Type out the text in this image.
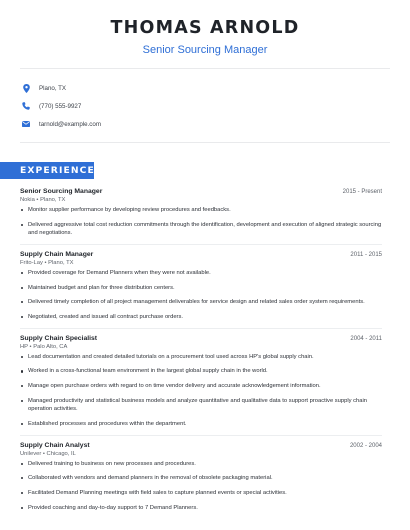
THOMAS ARNOLD
Senior Sourcing Manager
Plano, TX
(770) 555-9927
tarnold@example.com
EXPERIENCE
Senior Sourcing Manager	2015 - Present
Nokia • Plano, TX
Monitor supplier performance by developing review procedures and feedbacks.
Delivered aggressive total cost reduction commitments through the identification, development and execution of aligned strategic sourcing and negotiations.
Supply Chain Manager	2011 - 2015
Frito-Lay • Plano, TX
Provided coverage for Demand Planners when they were not available.
Maintained budget and plan for three distribution centers.
Delivered timely completion of all project management deliverables for service design and related sales order system requirements.
Negotiated, created and issued all contract purchase orders.
Supply Chain Specialist	2004 - 2011
HP • Palo Alto, CA
Lead documentation and created detailed tutorials on a procurement tool used across HP's global supply chain.
Worked in a cross-functional team environment in the largest global supply chain in the world.
Manage open purchase orders with regard to on time vendor delivery and accurate acknowledgement information.
Managed productivity and statistical business models and analyze quantitative and qualitative data to support proactive supply chain operation activities.
Established processes and procedures within the department.
Supply Chain Analyst	2002 - 2004
Unilever • Chicago, IL
Delivered training to business on new processes and procedures.
Collaborated with vendors and demand planners in the removal of obsolete packaging material.
Facilitated Demand Planning meetings with field sales to capture planned events or special activities.
Provided coaching and day-to-day support to 7 Demand Planners.
